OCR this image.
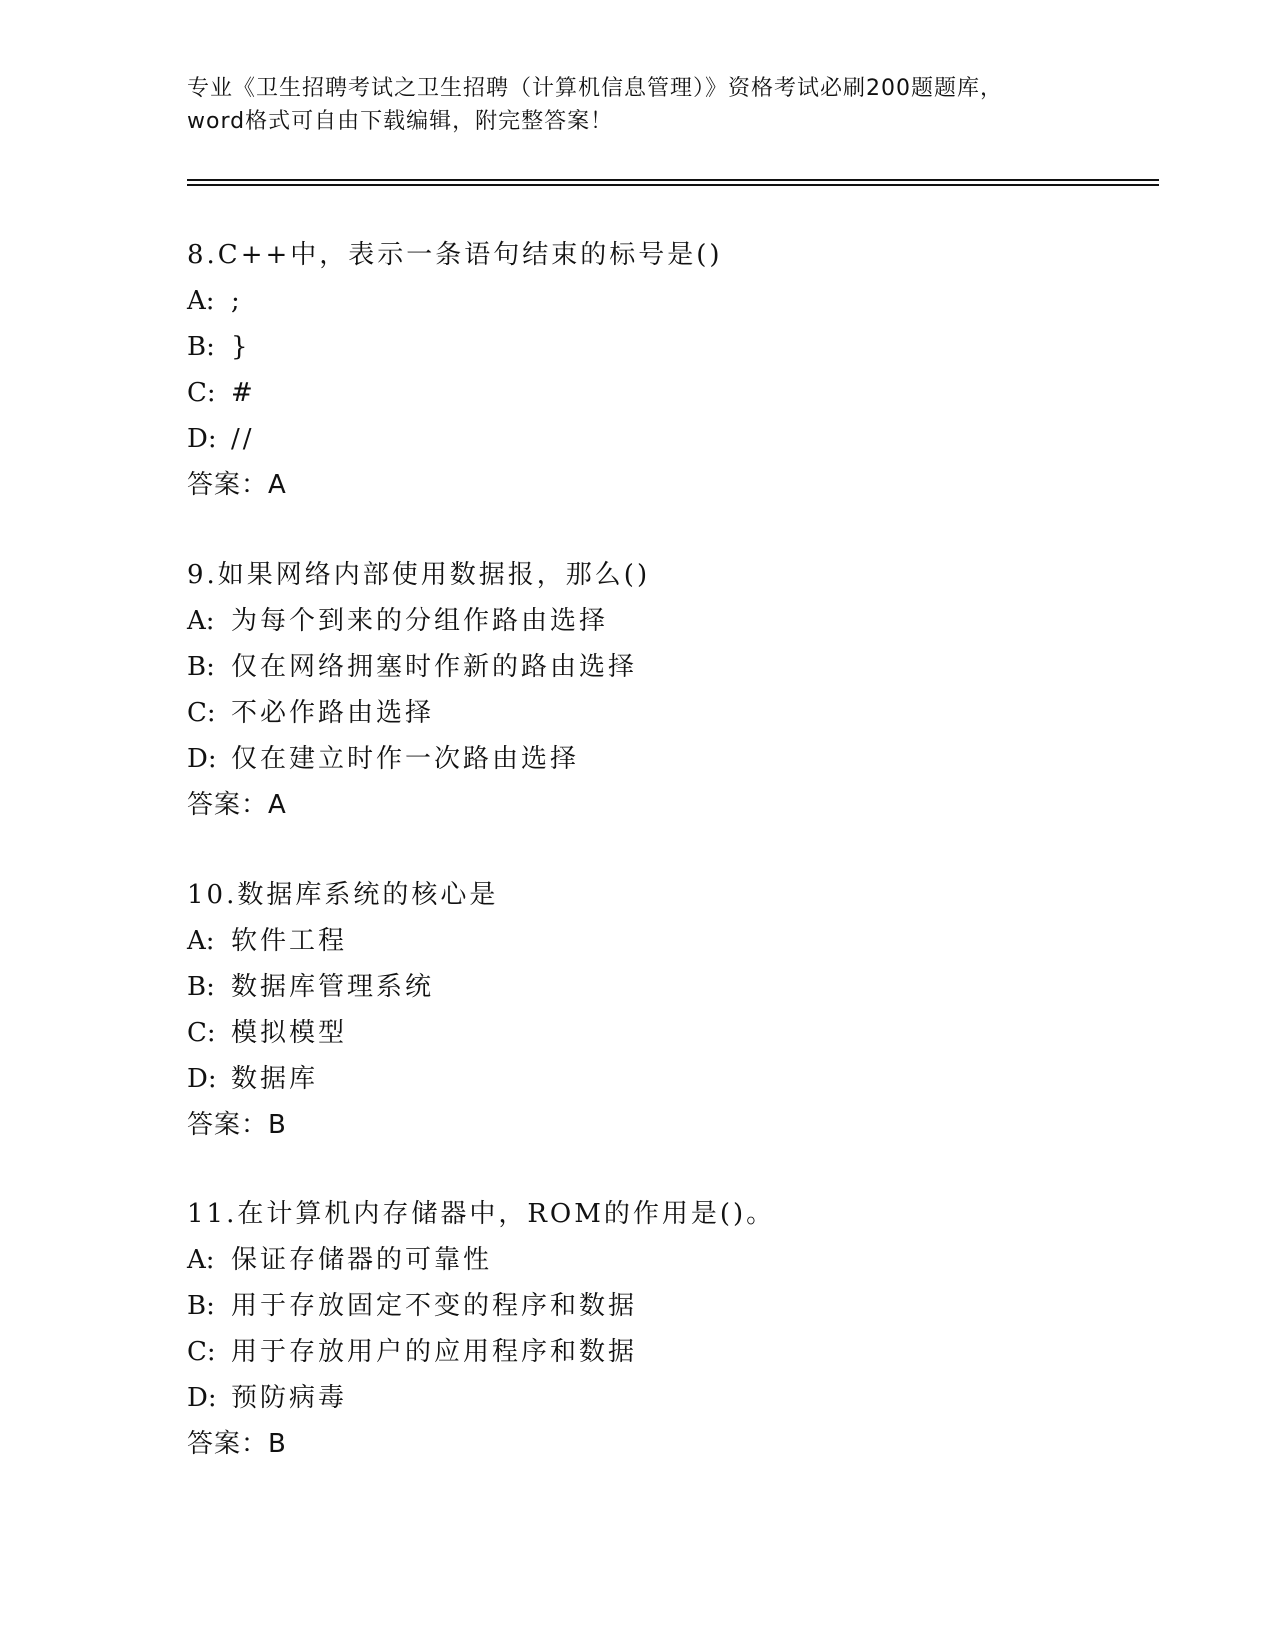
专业《卫生招聘考试之卫生招聘（计算机信息管理）》资格考试必刷200题题库，
word格式可自由下载编辑，附完整答案！
8.C++中，表示一条语句结束的标号是()
A: ;
B: }
C: #
D: //
答案：A
9.如果网络内部使用数据报，那么()
A: 为每个到来的分组作路由选择
B: 仅在网络拥塞时作新的路由选择
C: 不必作路由选择
D: 仅在建立时作一次路由选择
答案：A
10.数据库系统的核心是
A: 软件工程
B: 数据库管理系统
C: 模拟模型
D: 数据库
答案：B
11.在计算机内存储器中，ROM的作用是()。
A: 保证存储器的可靠性
B: 用于存放固定不变的程序和数据
C: 用于存放用户的应用程序和数据
D: 预防病毒
答案：B
